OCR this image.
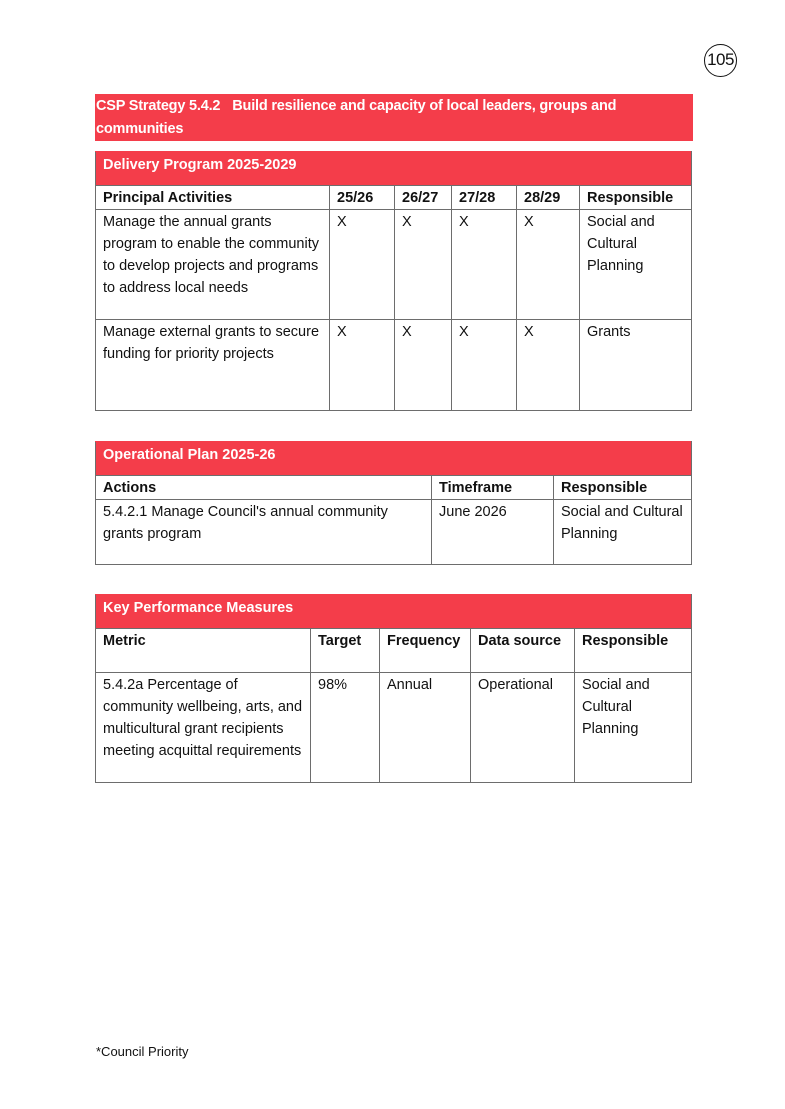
105
CSP Strategy 5.4.2 Build resilience and capacity of local leaders, groups and communities
Delivery Program 2025-2029					
Principal Activities	25/26	26/27	27/28	28/29	Responsible
Manage the annual grants program to enable the community to develop projects and programs to address local needs	X	X	X	X	Social and Cultural Planning
Manage external grants to secure funding for priority projects	X	X	X	X	Grants
Operational Plan 2025-26		
Actions	Timeframe	Responsible
5.4.2.1 Manage Council's annual community grants program	June 2026	Social and Cultural Planning
Key Performance Measures				
Metric	Target	Frequency	Data source	Responsible
5.4.2a Percentage of community wellbeing, arts, and multicultural grant recipients meeting acquittal requirements	98%	Annual	Operational	Social and Cultural Planning
*Council Priority
